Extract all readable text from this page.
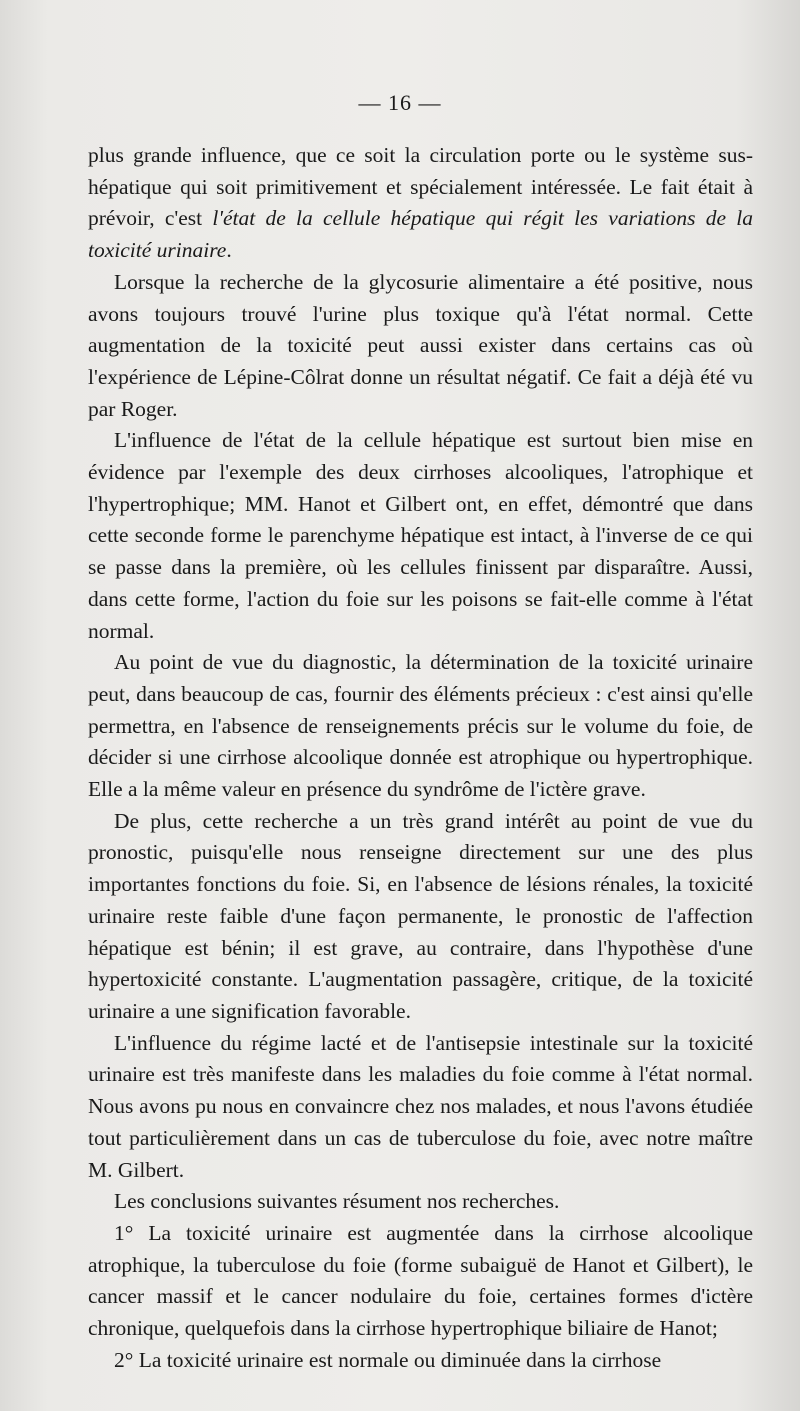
— 16 —

plus grande influence, que ce soit la circulation porte ou le système sus-hépatique qui soit primitivement et spécialement intéressée. Le fait était à prévoir, c'est l'état de la cellule hépatique qui régit les variations de la toxicité urinaire.

Lorsque la recherche de la glycosurie alimentaire a été positive, nous avons toujours trouvé l'urine plus toxique qu'à l'état normal. Cette augmentation de la toxicité peut aussi exister dans certains cas où l'expérience de Lépine-Côlrat donne un résultat négatif. Ce fait a déjà été vu par Roger.

L'influence de l'état de la cellule hépatique est surtout bien mise en évidence par l'exemple des deux cirrhoses alcooliques, l'atrophique et l'hypertrophique; MM. Hanot et Gilbert ont, en effet, démontré que dans cette seconde forme le parenchyme hépatique est intact, à l'inverse de ce qui se passe dans la première, où les cellules finissent par disparaître. Aussi, dans cette forme, l'action du foie sur les poisons se fait-elle comme à l'état normal.

Au point de vue du diagnostic, la détermination de la toxicité urinaire peut, dans beaucoup de cas, fournir des éléments précieux : c'est ainsi qu'elle permettra, en l'absence de renseignements précis sur le volume du foie, de décider si une cirrhose alcoolique donnée est atrophique ou hypertrophique. Elle a la même valeur en présence du syndrôme de l'ictère grave.

De plus, cette recherche a un très grand intérêt au point de vue du pronostic, puisqu'elle nous renseigne directement sur une des plus importantes fonctions du foie. Si, en l'absence de lésions rénales, la toxicité urinaire reste faible d'une façon permanente, le pronostic de l'affection hépatique est bénin; il est grave, au contraire, dans l'hypothèse d'une hypertoxicité constante. L'augmentation passagère, critique, de la toxicité urinaire a une signification favorable.

L'influence du régime lacté et de l'antisepsie intestinale sur la toxicité urinaire est très manifeste dans les maladies du foie comme à l'état normal. Nous avons pu nous en convaincre chez nos malades, et nous l'avons étudiée tout particulièrement dans un cas de tuberculose du foie, avec notre maître M. Gilbert.

Les conclusions suivantes résument nos recherches.

1° La toxicité urinaire est augmentée dans la cirrhose alcoolique atrophique, la tuberculose du foie (forme subaiguë de Hanot et Gilbert), le cancer massif et le cancer nodulaire du foie, certaines formes d'ictère chronique, quelquefois dans la cirrhose hypertrophique biliaire de Hanot;

2° La toxicité urinaire est normale ou diminuée dans la cirrhose
